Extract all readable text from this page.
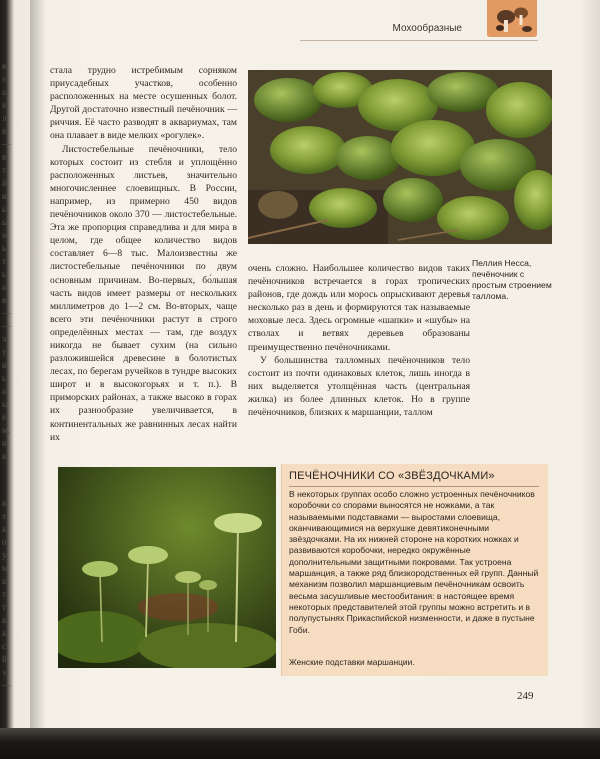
я
э
а
я
л
я
—
я
т
й
и
ь
ы
м
ь
т
ь
а
я
—
—
ч
т
и
ь
а
ы
е
м,
и,
к
я
з
к
о
у
м
к
т
т
в
к
с
й
э
—
Мохообразные

стала трудно истребимым сорняком приусадебных участков, особенно расположенных на месте осушенных болот. Другой достаточно известный печёночник — риччия. Её часто разводят в аквариумах, там она плавает в виде мелких «рогулек».

Листостебельные печёночники, тело которых состоит из стебля и уплощённо расположенных листьев, значительно многочисленнее слоевищных. В России, например, из примерно 450 видов печёночников около 370 — листостебельные. Эта же пропорция справедлива и для мира в целом, где общее количество видов составляет 6—8 тыс. Малоизвестны же листостебельные печёночники по двум основным причинам. Во-первых, бо́льшая часть видов имеет размеры от нескольких миллиметров до 1—2 см. Во-вторых, чаще всего эти печёночники растут в строго определённых местах — там, где воздух никогда не бывает сухим (на сильно разложившейся древесине в болотистых лесах, по берегам ручейков в тундре высоких широт и в высокогорьях и т. п.). В приморских районах, а также высоко в горах их разнообразие увеличивается, в континентальных же равнинных лесах найти их

Пеллия Несса, печёночник с простым строением таллома.

очень сложно. Наибольшее количество видов таких печёночников встречается в горах тропических районов, где дождь или морось опрыскивают деревья несколько раз в день и формируются так называемые моховые леса. Здесь огромные «шапки» и «шубы» на стволах и ветвях деревьев образованы преимущественно печёночниками.

У большинства талломных печёночников тело состоит из почти одинаковых клеток, лишь иногда в них выделяется утолщённая часть (центральная жилка) из более длинных клеток. Но в группе печёночников, близких к маршанции, таллом

ПЕЧЁНОЧНИКИ СО «ЗВЁЗДОЧКАМИ»
В некоторых группах особо сложно устроенных печёночников коробочки со спорами выносятся не ножками, а так называемыми подставками — выростами слоевища, оканчивающимися на верхушке девятиконечными звёздочками. На их нижней стороне на коротких ножках и развиваются коробочки, нередко окружённые дополнительными защитными покровами. Так устроена маршанция, а также ряд близкородственных ей групп. Данный механизм позволил маршанциевым печёночникам освоить весьма засушливые местообитания: в настоящее время некоторых представителей этой группы можно встретить и в полупустынях Прикаспийской низменности, и даже в пустыне Гоби.
Женские подставки маршанции.
249
